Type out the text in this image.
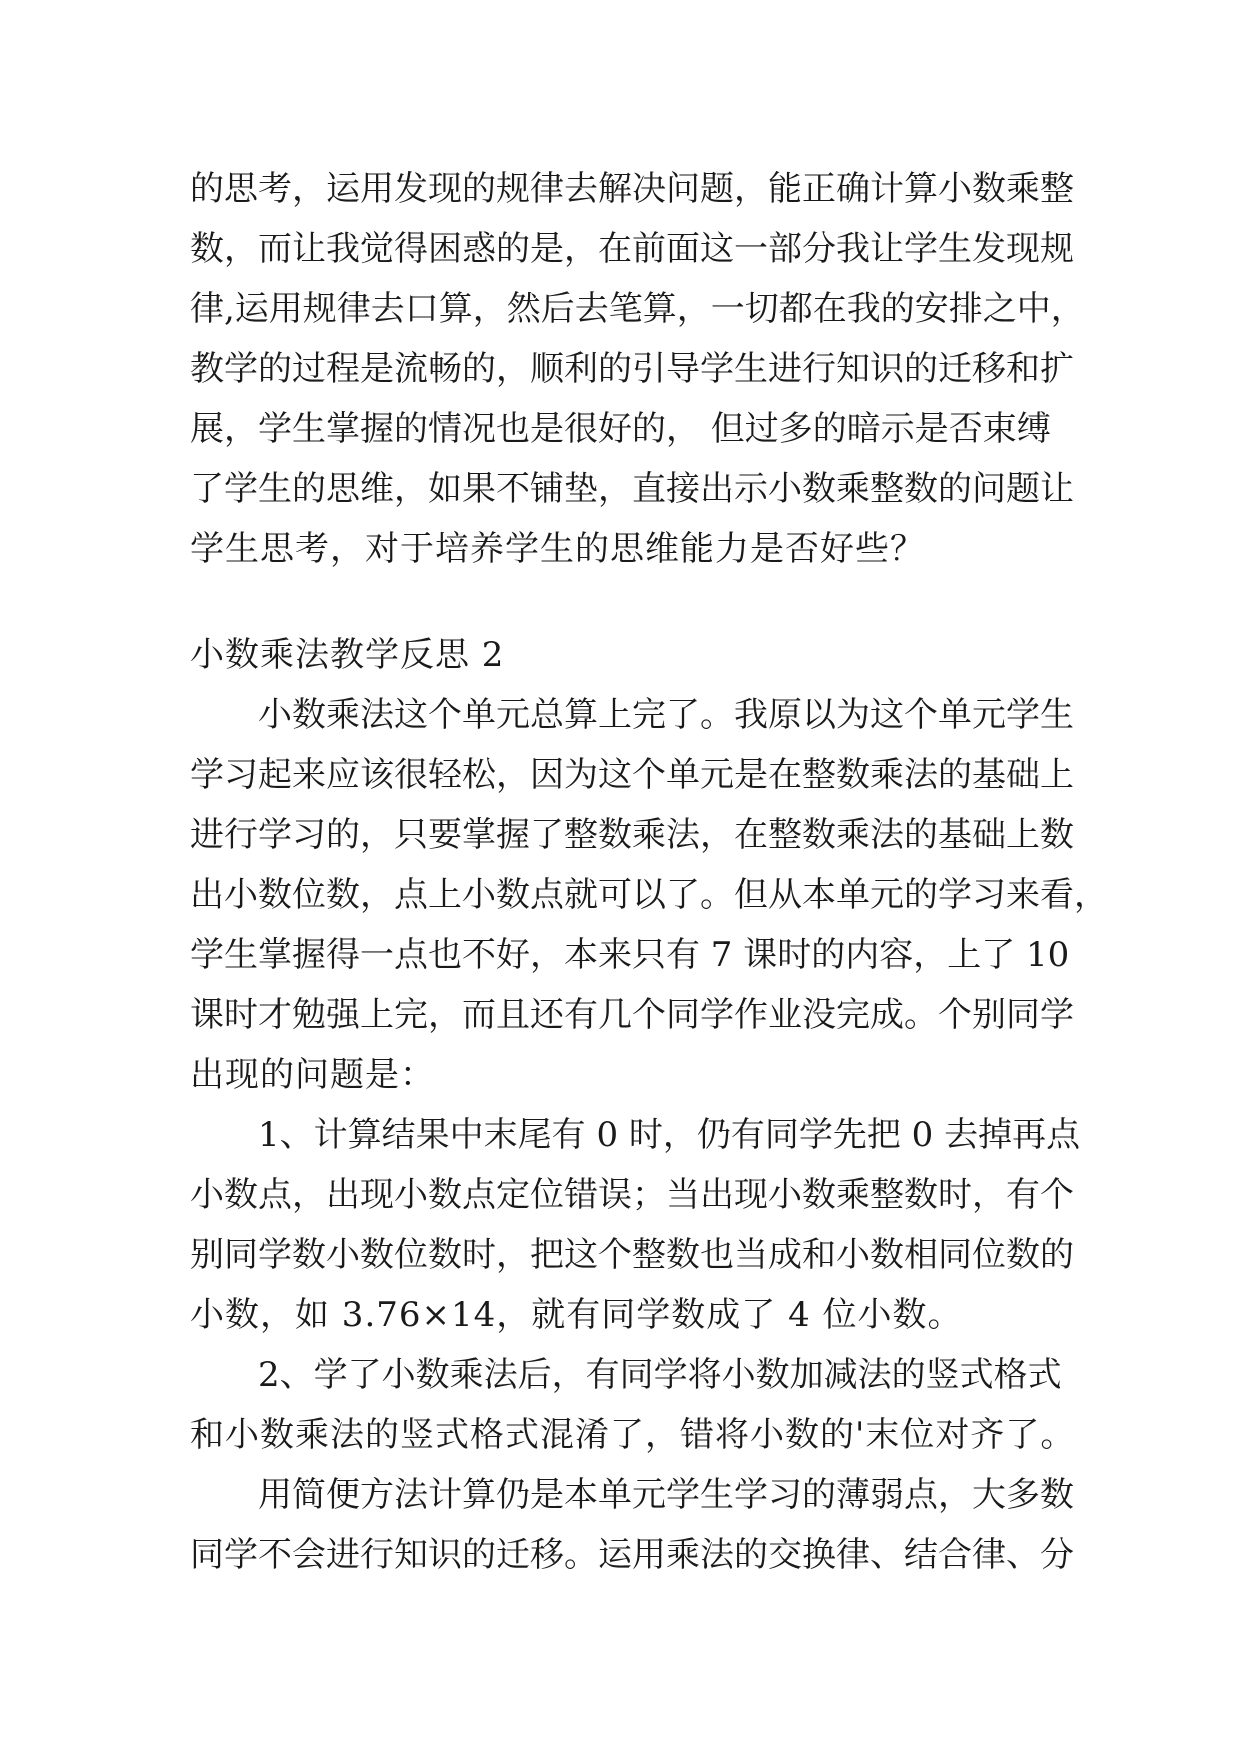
的思考，运用发现的规律去解决问题，能正确计算小数乘整
数，而让我觉得困惑的是，在前面这一部分我让学生发现规
律,运用规律去口算，然后去笔算，一切都在我的安排之中，
教学的过程是流畅的，顺利的引导学生进行知识的迁移和扩
展，学生掌握的情况也是很好的， 但过多的暗示是否束缚
了学生的思维，如果不铺垫，直接出示小数乘整数的问题让
学生思考，对于培养学生的思维能力是否好些？
小数乘法教学反思 2
小数乘法这个单元总算上完了。我原以为这个单元学生
学习起来应该很轻松，因为这个单元是在整数乘法的基础上
进行学习的，只要掌握了整数乘法，在整数乘法的基础上数
出小数位数，点上小数点就可以了。但从本单元的学习来看，
学生掌握得一点也不好，本来只有 7 课时的内容，上了 10
课时才勉强上完，而且还有几个同学作业没完成。个别同学
出现的问题是：
1、计算结果中末尾有 0 时，仍有同学先把 0 去掉再点
小数点，出现小数点定位错误；当出现小数乘整数时，有个
别同学数小数位数时，把这个整数也当成和小数相同位数的
小数，如 3.76×14，就有同学数成了 4 位小数。
2、学了小数乘法后，有同学将小数加减法的竖式格式
和小数乘法的竖式格式混淆了，错将小数的'末位对齐了。
用简便方法计算仍是本单元学生学习的薄弱点，大多数
同学不会进行知识的迁移。运用乘法的交换律、结合律、分
